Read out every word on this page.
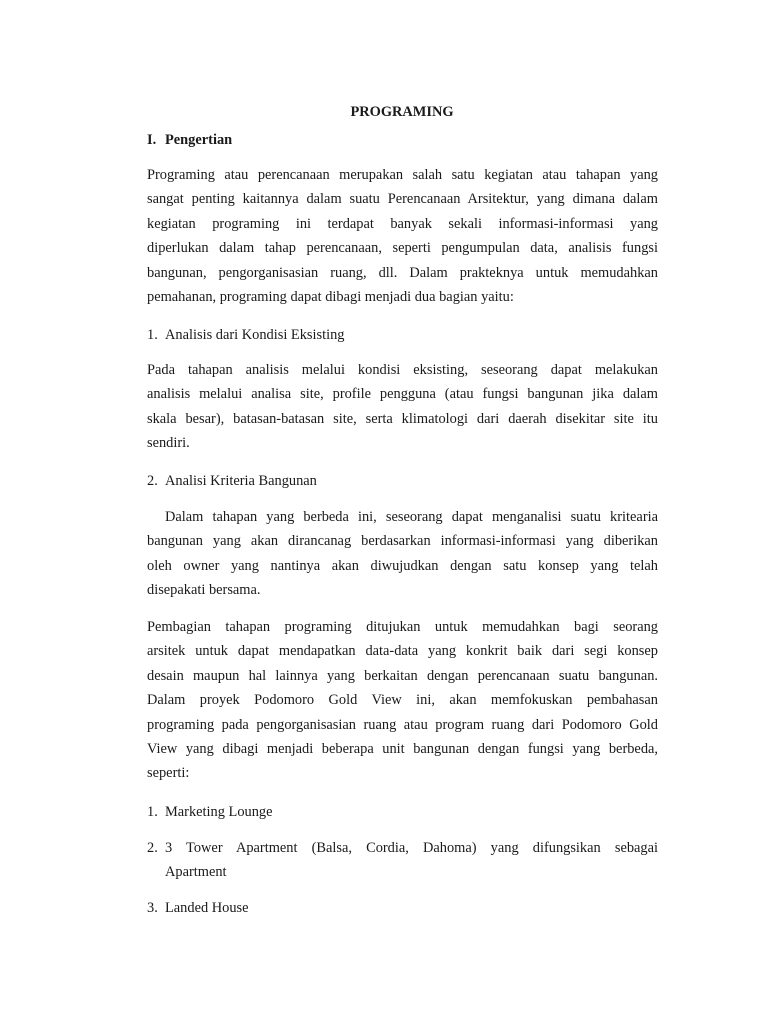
PROGRAMING
I. Pengertian
Programing atau perencanaan merupakan salah satu kegiatan atau tahapan yang
sangat penting kaitannya dalam suatu Perencanaan Arsitektur, yang dimana dalam
kegiatan programing ini terdapat banyak sekali informasi-informasi yang
diperlukan dalam tahap perencanaan, seperti pengumpulan data, analisis fungsi
bangunan, pengorganisasian ruang, dll. Dalam prakteknya untuk memudahkan
pemahanan, programing dapat dibagi menjadi dua bagian yaitu:
1. Analisis dari Kondisi Eksisting
Pada tahapan analisis melalui kondisi eksisting, seseorang dapat melakukan
analisis melalui analisa site, profile pengguna (atau fungsi bangunan jika dalam
skala besar), batasan-batasan site, serta klimatologi dari daerah disekitar site itu
sendiri.
2. Analisi Kriteria Bangunan
Dalam tahapan yang berbeda ini, seseorang dapat menganalisi suatu kritearia
bangunan yang akan dirancanag berdasarkan informasi-informasi yang diberikan
oleh owner yang nantinya akan diwujudkan dengan satu konsep yang telah
disepakati bersama.
Pembagian tahapan programing ditujukan untuk memudahkan bagi seorang
arsitek untuk dapat mendapatkan data-data yang konkrit baik dari segi konsep
desain maupun hal lainnya yang berkaitan dengan perencanaan suatu bangunan.
Dalam proyek Podomoro Gold View ini, akan memfokuskan pembahasan
programing pada pengorganisasian ruang atau program ruang dari Podomoro Gold
View yang dibagi menjadi beberapa unit bangunan dengan fungsi yang berbeda,
seperti:
1. Marketing Lounge
2. 3 Tower Apartment (Balsa, Cordia, Dahoma) yang difungsikan sebagai
Apartment
3. Landed House
